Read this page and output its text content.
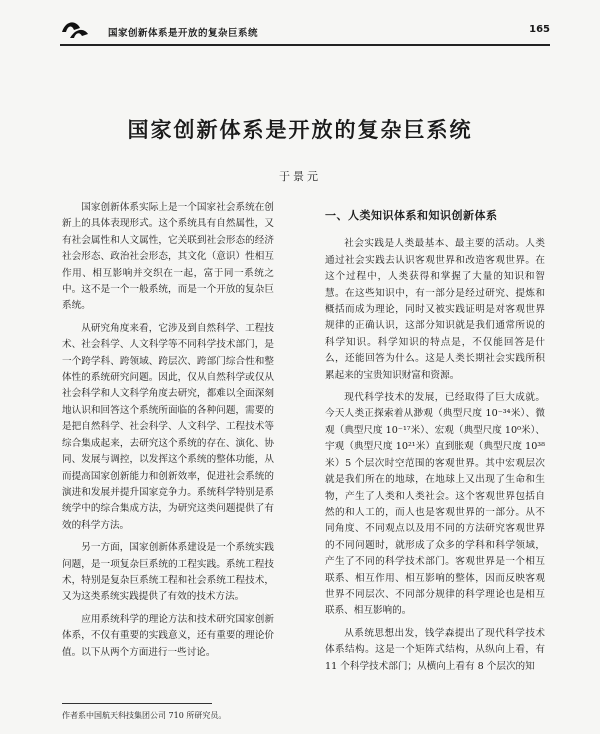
国家创新体系是开放的复杂巨系统	165
国家创新体系是开放的复杂巨系统
于景元

国家创新体系实际上是一个国家社会系统在创新上的具体表现形式。这个系统具有自然属性，又有社会属性和人文属性，它关联到社会形态的经济社会形态、政治社会形态，其文化（意识）性相互作用、相互影响并交织在一起，富于同一系统之中。这不是一个一般系统，而是一个开放的复杂巨系统。

从研究角度来看，它涉及到自然科学、工程技术、社会科学、人文科学等不同科学技术部门，是一个跨学科、跨领域、跨层次、跨部门综合性和整体性的系统研究问题。因此，仅从自然科学或仅从社会科学和人文科学角度去研究，都难以全面深刻地认识和回答这个系统所面临的各种问题，需要的是把自然科学、社会科学、人文科学、工程技术等综合集成起来，去研究这个系统的存在、演化、协同、发展与调控，以发挥这个系统的整体功能，从而提高国家创新能力和创新效率，促进社会系统的演进和发展并提升国家竞争力。系统科学特别是系统学中的综合集成方法，为研究这类问题提供了有效的科学方法。

另一方面，国家创新体系建设是一个系统实践问题，是一项复杂巨系统的工程实践。系统工程技术，特别是复杂巨系统工程和社会系统工程技术，又为这类系统实践提供了有效的技术方法。

应用系统科学的理论方法和技术研究国家创新体系，不仅有重要的实践意义，还有重要的理论价值。以下从两个方面进行一些讨论。

一、人类知识体系和知识创新体系

社会实践是人类最基本、最主要的活动。人类通过社会实践去认识客观世界和改造客观世界。在这个过程中，人类获得和掌握了大量的知识和智慧。在这些知识中，有一部分是经过研究、提炼和概括而成为理论，同时又被实践证明是对客观世界规律的正确认识，这部分知识就是我们通常所说的科学知识。科学知识的特点是，不仅能回答是什么，还能回答为什么。这是人类长期社会实践所积累起来的宝贵知识财富和资源。

现代科学技术的发展，已经取得了巨大成就。今天人类正探索着从渺观（典型尺度 10⁻³⁴米）、微观（典型尺度 10⁻¹⁷米）、宏观（典型尺度 10⁰米）、宇观（典型尺度 10²¹米）直到胀观（典型尺度 10³⁸米）5 个层次时空范围的客观世界。其中宏观层次就是我们所在的地球，在地球上又出现了生命和生物，产生了人类和人类社会。这个客观世界包括自然的和人工的，而人也是客观世界的一部分。从不同角度、不同观点以及用不同的方法研究客观世界的不同问题时，就形成了众多的学科和科学领域，产生了不同的科学技术部门。客观世界是一个相互联系、相互作用、相互影响的整体，因而反映客观世界不同层次、不同部分规律的科学理论也是相互联系、相互影响的。

从系统思想出发，钱学森提出了现代科学技术体系结构。这是一个矩阵式结构，从纵向上看，有 11 个科学技术部门；从横向上看有 8 个层次的知

作者系中国航天科技集团公司 710 所研究员。
